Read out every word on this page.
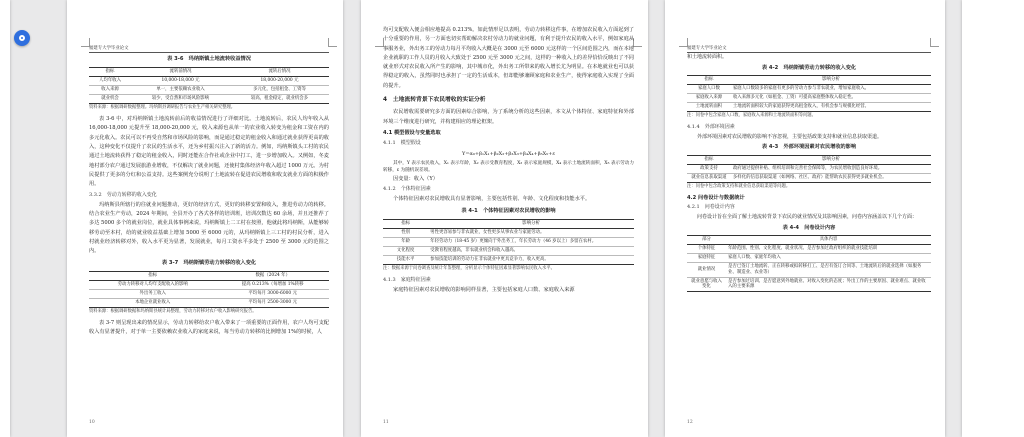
福建专大学毕业论文
表 3-6　玛纳斯镇土地流转收益情况
指标	流转前情况	流转后情况
人均年收入	10,000-18,000 元	18,000-20,000 元
收入来源	单一，主要依赖农业收入	多元化，包括租金、工资等
就业机会	较少，受自然和市场风险影响	较高，租金稳定，就业机会多
资料来源：根据调研数据整理。玛纳斯县调研报告与农业生产相关研究整理。

表 3-6 中，对玛纳斯镇土地流转前后的收益情况进行了详细对比。土地流转后，农民人均年收入从 16,000-18,000 元提升至 18,000-20,000 元，收入来源也从单一的农业收入转变为租金和工资在内的多元化收入。农民可以不再受自然和市场风险的影响，而是通过稳定的租金收入和通过就业获得更高的收入，这种变化不仅提升了农民的生活水平，还为乡村振兴注入了新的活力。例如，玛纳斯镇头工村的农民通过土地流转获得了稳定的租金收入，同时还能在合作社或企业中打工，进一步增加收入。又例如，冬麦地村部分农户通过发展旅游业增收，不仅解决了就业问题，还使村集体经济年收入超过 1000 万元。为村民提供了更多的分红和公益支持。这些案例充分说明了土地流转在促进农民增收和收支就业方面的积极作用。

3.3.2　劳动力转移的收入变化

玛纳斯县所辖行的往就业问题推动，更好的经济方式，更好的转移安置和收入，推进劳动力的转移。结合农业生产劳动，2024 年期间，全县开办了各式各样的培训班，培训次数达 60 余场，并且还推荐了多达 5000 多个的就业岗位，就业具体事例来说，玛纳斯镇上二工村在按照，他就此将玛纳斯，从能够转移劳动至本村，给的就业收益基础上增加 5000 至 6000 元的，从玛纳斯镇上三工村的村民分析，进入村就业经济转移对外，收入水平更为显著，发展就业，每月工资水平多处于 2500 至 3000 元的范围之内。

表 3-7　玛纳斯镇劳动力转移的收入变化
指标	数据（2024 年）
劳动力转移对人均年支配收入的影响	提高 0.213%（每增加 1%转移
外出务工收入	平均每月 3000-6000 元
本地企业就业收入	平均每月 2500-3000 元
资料来源：根据调研数据和玛纳斯县统计局整理，劳动力转移对农户收入影响研究报告。

表 3-7 则呈现出来的情况显示，劳动力转移给农户收入带来了一项重要的正面作用，农户人均可支配收入有显著提升，对于单一主要依赖农业收入的家庭来说，每当劳动力转移的比例增加 1%的时候，人

10

均可支配收入便会相应地提高 0.213%。如此情形足以表明，劳动力转移这件事，在增加农民收入方面起到了十分重要的作用，另一方面也切实帮助解决农村劳动力的就业问题，有利于提升农民的收入水平，例如家庭从事服务业，外出务工的劳动力每月平均收入大概是在 3000 元至 6000 元这样的一个区间范围之内，而在本地企业就职的工作人员的月收入大致处于 2500 元至 3000 元之间，这样的一种收入上的差异恰恰反映出了不同就业形式对农民收入所产生的影响，其中城市化，外出务工所带来的收入增长尤为明显。在本地就业也可以获得稳定的收入，虽然同时也承担了一定的生活成本，但却能够兼顾家庭和农业生产，使得家庭收入实现了全面的提升。

4　土地流转背景下农民增收的实证分析

农民增收需要研究多方面的因素综合影响，为了系统分析的这些因素，本文从个体特征、家庭特征和外部环境三个维度进行研究，并构建相应的理论框架。

4.1 模型假设与变量选取
4.1.1　模型假设
Y=α₀+β₁X₁+β₂X₂+β₃X₃+β₄X₄+β₅X₅+ε

其中，Y 表示农民收入，X₁ 表示年龄，X₂ 表示受教育程度，X₃ 表示家庭规模，X₄ 表示土地流转面积，X₅ 表示劳动力转移，ε 为随机误差项。

因变量：收入（Y）

4.1.2　个体特征因素

个体特征因素对农民增收具有显著影响，主要包括性别、年龄、文化程度和技能水平。

表 4-1　个体特征因素对农民增收的影响
指标	影响分析
性别	男性更容易参与非农就业，女性更多从事农业与家庭劳动。
年龄	年轻劳动力（18-45 岁）更倾向于外出务工，年长劳动力（46 岁以上）多留在农村。
文化程度	受教育程度越高，非农就业机会和收入越高。
技能水平	参加技能培训的劳动力在非农就业中更具竞争力，收入更高。
注：数据来源于问卷调查及统计年鉴整理，分析显示个体特征因素显著影响农民收入水平。
4.1.3　家庭特征因素

家庭特征因素对农民增收的影响同样显著，主要包括家庭人口数、家庭收入来源

11
福建专大学毕业论文

和土地流转面积。

表 4-2　玛纳斯镇劳动力转移的收入变化
指标	影响分析
家庭人口数	家庭人口数较多的家庭有更多的劳动力参与非农就业，增加家庭收入。
家庭收入来源	收入来源多元化（如租金、工资）可提高家庭整体收入稳定性。
土地流转面积	土地流转面积较大的家庭获得更高租金收入，有机会参与规模化经营。
注：问卷中包含家庭人口数、家庭收入来源和土地流转面积等问题。
4.1.4　外部环境因素

外部环境因素对农民增收的影响不容忽视，主要包括政策支持和就业信息获取渠道。

表 4-3　外部环境因素对农民增收的影响
指标	影响分析
政策支持	政府通过提供补贴、组织培训和完善社会保障等，为农民增收创造良好环境。
就业信息获取渠道	多样化的信息获取渠道（如网络、社区、政府）能帮助农民获得更多就业机会。
注：问卷中包含政策支持和就业信息获取渠道等问题。
4.2 问卷设计与数据统计
4.2.1　问卷设计内容

问卷设计旨在全面了解土地流转背景下农民的就业情况及其影响因素，问卷内容涵盖以下几个方面：

表 4-4　问卷设计内容
部分	具体内容
个体特征	年龄范围、性别、文化程度、就业状况、是否参加过政府组织的就业技能培训
家庭特征	家庭人口数、家庭年均收入
就业情况	是否已签订土地流转、正在转移或拟转移打工、是否有签订合同等、土地流转后的就业选择（如服务业、制造业、农业等）
就业意愿与收入变化	是否参加过培训、是否愿意到外地就业、对收入变化的态度；外出工作的主要原因、就业难点、就业收入的主要来源
12
